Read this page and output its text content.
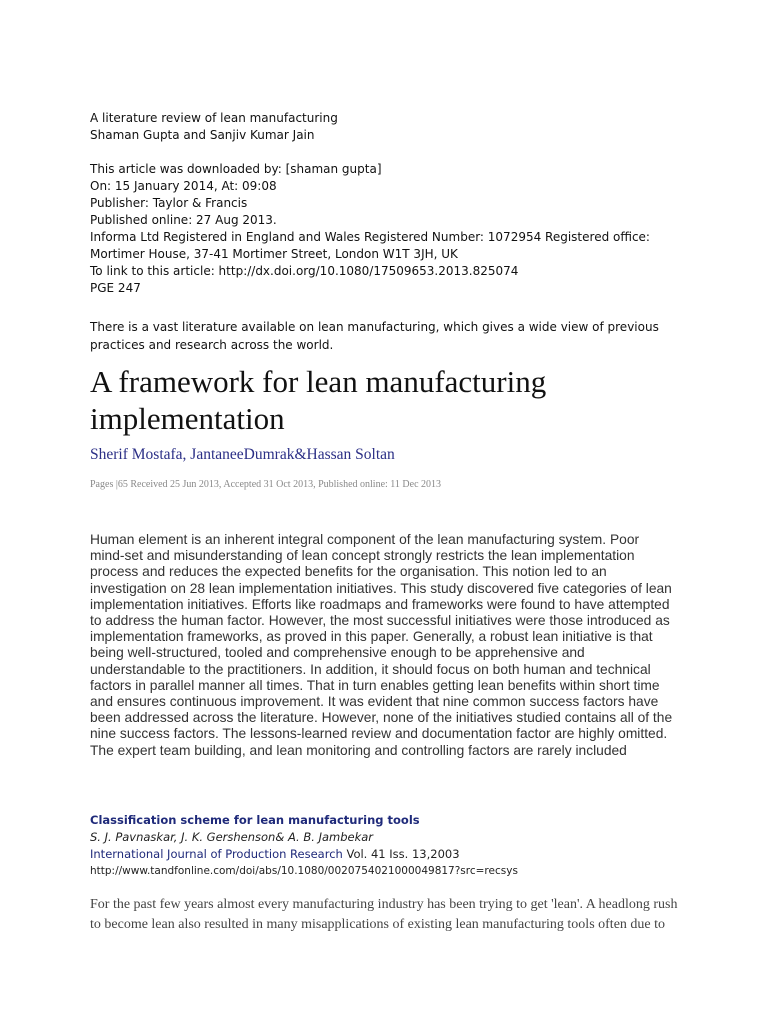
A literature review of lean manufacturing
Shaman Gupta and Sanjiv Kumar Jain
This article was downloaded by: [shaman gupta]
On: 15 January 2014, At: 09:08
Publisher: Taylor & Francis
Published online: 27 Aug 2013.
Informa Ltd Registered in England and Wales Registered Number: 1072954 Registered office: Mortimer House, 37-41 Mortimer Street, London W1T 3JH, UK
To link to this article: http://dx.doi.org/10.1080/17509653.2013.825074
PGE 247
There is a vast literature available on lean manufacturing, which gives a wide view of previous practices and research across the world.
A framework for lean manufacturing implementation
Sherif Mostafa, JantaneeDumrak&Hassan Soltan
Pages |65 Received 25 Jun 2013, Accepted 31 Oct 2013, Published online: 11 Dec 2013
Human element is an inherent integral component of the lean manufacturing system. Poor
mind-set and misunderstanding of lean concept strongly restricts the lean implementation
process and reduces the expected benefits for the organisation. This notion led to an
investigation on 28 lean implementation initiatives. This study discovered five categories of lean
implementation initiatives. Efforts like roadmaps and frameworks were found to have attempted
to address the human factor. However, the most successful initiatives were those introduced as
implementation frameworks, as proved in this paper. Generally, a robust lean initiative is that
being well-structured, tooled and comprehensive enough to be apprehensive and
understandable to the practitioners. In addition, it should focus on both human and technical
factors in parallel manner all times. That in turn enables getting lean benefits within short time
and ensures continuous improvement. It was evident that nine common success factors have
been addressed across the literature. However, none of the initiatives studied contains all of the
nine success factors. The lessons-learned review and documentation factor are highly omitted.
The expert team building, and lean monitoring and controlling factors are rarely included
Classification scheme for lean manufacturing tools
S. J. Pavnaskar, J. K. Gershenson& A. B. Jambekar
International Journal of Production Research Vol. 41 Iss. 13,2003
http://www.tandfonline.com/doi/abs/10.1080/0020754021000049817?src=recsys
For the past few years almost every manufacturing industry has been trying to get 'lean'. A headlong rush
to become lean also resulted in many misapplications of existing lean manufacturing tools often due to
